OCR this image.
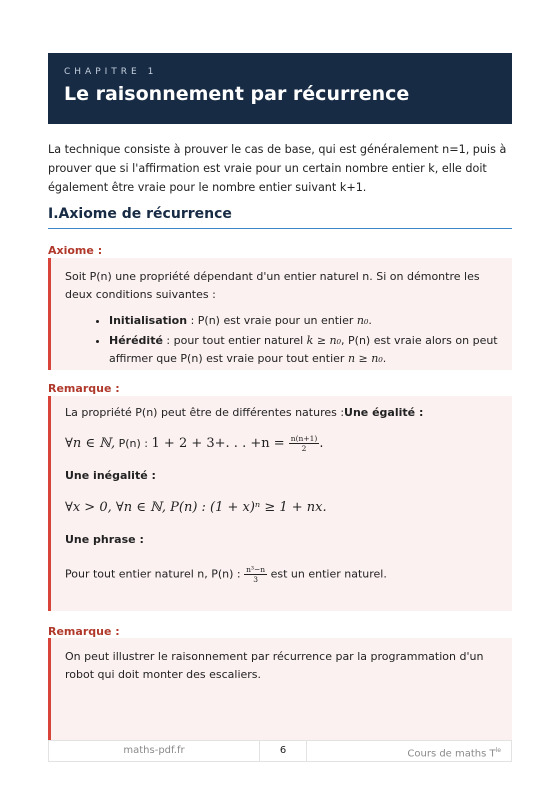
CHAPITRE 1
Le raisonnement par récurrence
La technique consiste à prouver le cas de base, qui est généralement n=1, puis à prouver que si l'affirmation est vraie pour un certain nombre entier k, elle doit également être vraie pour le nombre entier suivant k+1.
I.Axiome de récurrence
Axiome :
Soit P(n) une propriété dépendant d'un entier naturel n. Si on démontre les deux conditions suivantes :
• Initialisation : P(n) est vraie pour un entier n₀.
• Hérédité : pour tout entier naturel k ≥ n₀, P(n) est vraie alors on peut affirmer que P(n) est vraie pour tout entier n ≥ n₀.
Remarque :
La propriété P(n) peut être de différentes natures :Une égalité :
∀n ∈ ℕ, P(n) : 1 + 2 + 3+. . . $+n = \frac{n(n+1)}{2}$ .
Une inégalité :
∀x > 0, ∀n ∈ ℕ, P(n) : (1 + x)ⁿ ≥ 1 + nx.
Une phrase :
Pour tout entier naturel n, P(n) : $\frac{\text{n³−n}}{3}$ est un entier naturel.
Remarque :
On peut illustrer le raisonnement par récurrence par la programmation d'un robot qui doit monter des escaliers.
maths-pdf.fr	6	Cours de maths $T^{le}$
